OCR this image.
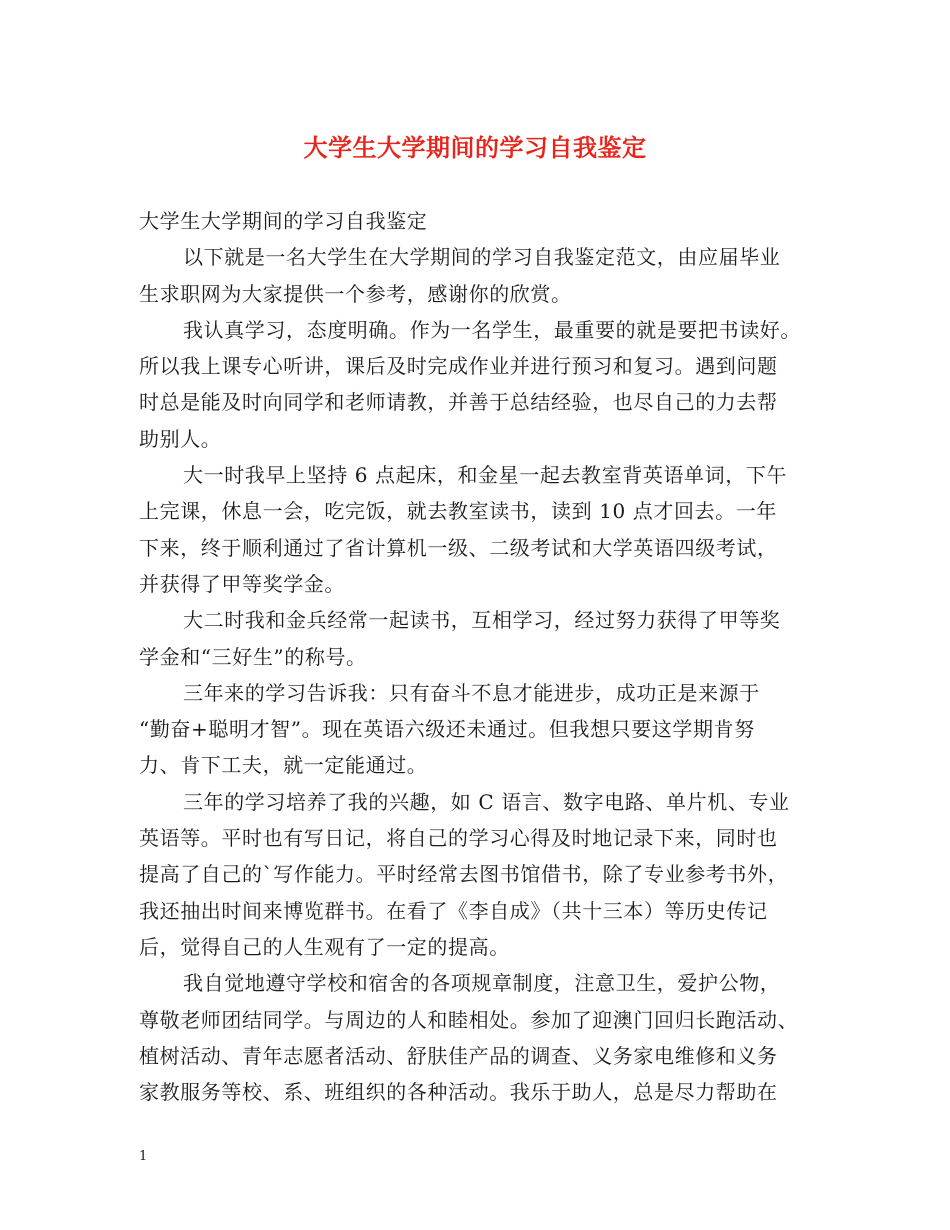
大学生大学期间的学习自我鉴定
大学生大学期间的学习自我鉴定
以下就是一名大学生在大学期间的学习自我鉴定范文，由应届毕业
生求职网为大家提供一个参考，感谢你的欣赏。
我认真学习，态度明确。作为一名学生，最重要的就是要把书读好。
所以我上课专心听讲，课后及时完成作业并进行预习和复习。遇到问题
时总是能及时向同学和老师请教，并善于总结经验，也尽自己的力去帮
助别人。
大一时我早上坚持 6 点起床，和金星一起去教室背英语单词，下午
上完课，休息一会，吃完饭，就去教室读书，读到 10 点才回去。一年
下来，终于顺利通过了省计算机一级、二级考试和大学英语四级考试，
并获得了甲等奖学金。
大二时我和金兵经常一起读书，互相学习，经过努力获得了甲等奖
学金和“三好生”的称号。
三年来的学习告诉我：只有奋斗不息才能进步，成功正是来源于
“勤奋+聪明才智”。现在英语六级还未通过。但我想只要这学期肯努
力、肯下工夫，就一定能通过。
三年的学习培养了我的兴趣，如 C 语言、数字电路、单片机、专业
英语等。平时也有写日记，将自己的学习心得及时地记录下来，同时也
提高了自己的`写作能力。平时经常去图书馆借书，除了专业参考书外，
我还抽出时间来博览群书。在看了《李自成》（共十三本）等历史传记
后，觉得自己的人生观有了一定的提高。
我自觉地遵守学校和宿舍的各项规章制度，注意卫生，爱护公物，
尊敬老师团结同学。与周边的人和睦相处。参加了迎澳门回归长跑活动、
植树活动、青年志愿者活动、舒肤佳产品的调查、义务家电维修和义务
家教服务等校、系、班组织的各种活动。我乐于助人，总是尽力帮助在
1
